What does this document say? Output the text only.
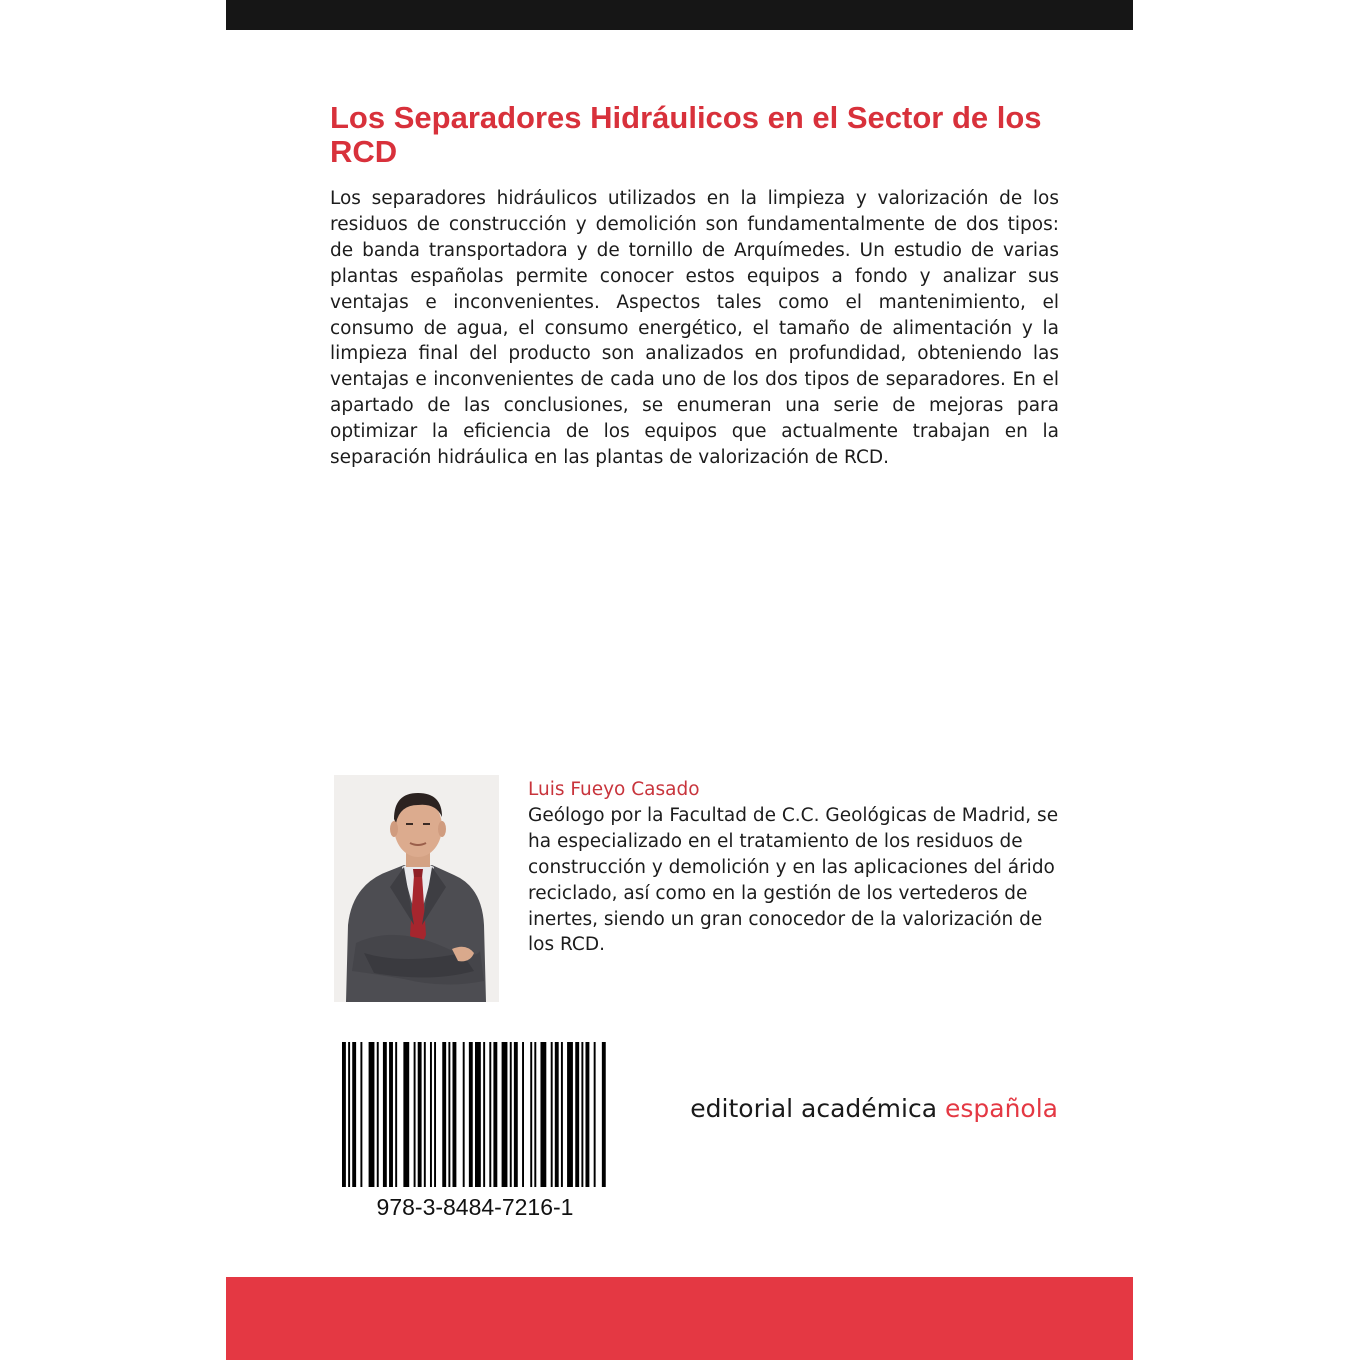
Los Separadores Hidráulicos en el Sector de los RCD

Los separadores hidráulicos utilizados en la limpieza y valorización de los residuos de construcción y demolición son fundamentalmente de dos tipos: de banda transportadora y de tornillo de Arquímedes. Un estudio de varias plantas españolas permite conocer estos equipos a fondo y analizar sus ventajas e inconvenientes. Aspectos tales como el mantenimiento, el consumo de agua, el consumo energético, el tamaño de alimentación y la limpieza final del producto son analizados en profundidad, obteniendo las ventajas e inconvenientes de cada uno de los dos tipos de separadores. En el apartado de las conclusiones, se enumeran una serie de mejoras para optimizar la eficiencia de los equipos que actualmente trabajan en la separación hidráulica en las plantas de valorización de RCD.

Luis Fueyo Casado

Geólogo por la Facultad de C.C. Geológicas de Madrid, se ha especializado en el tratamiento de los residuos de construcción y demolición y en las aplicaciones del árido reciclado, así como en la gestión de los vertederos de inertes, siendo un gran conocedor de la valorización de los RCD.

978-3-8484-7216-1
editorial académica española
